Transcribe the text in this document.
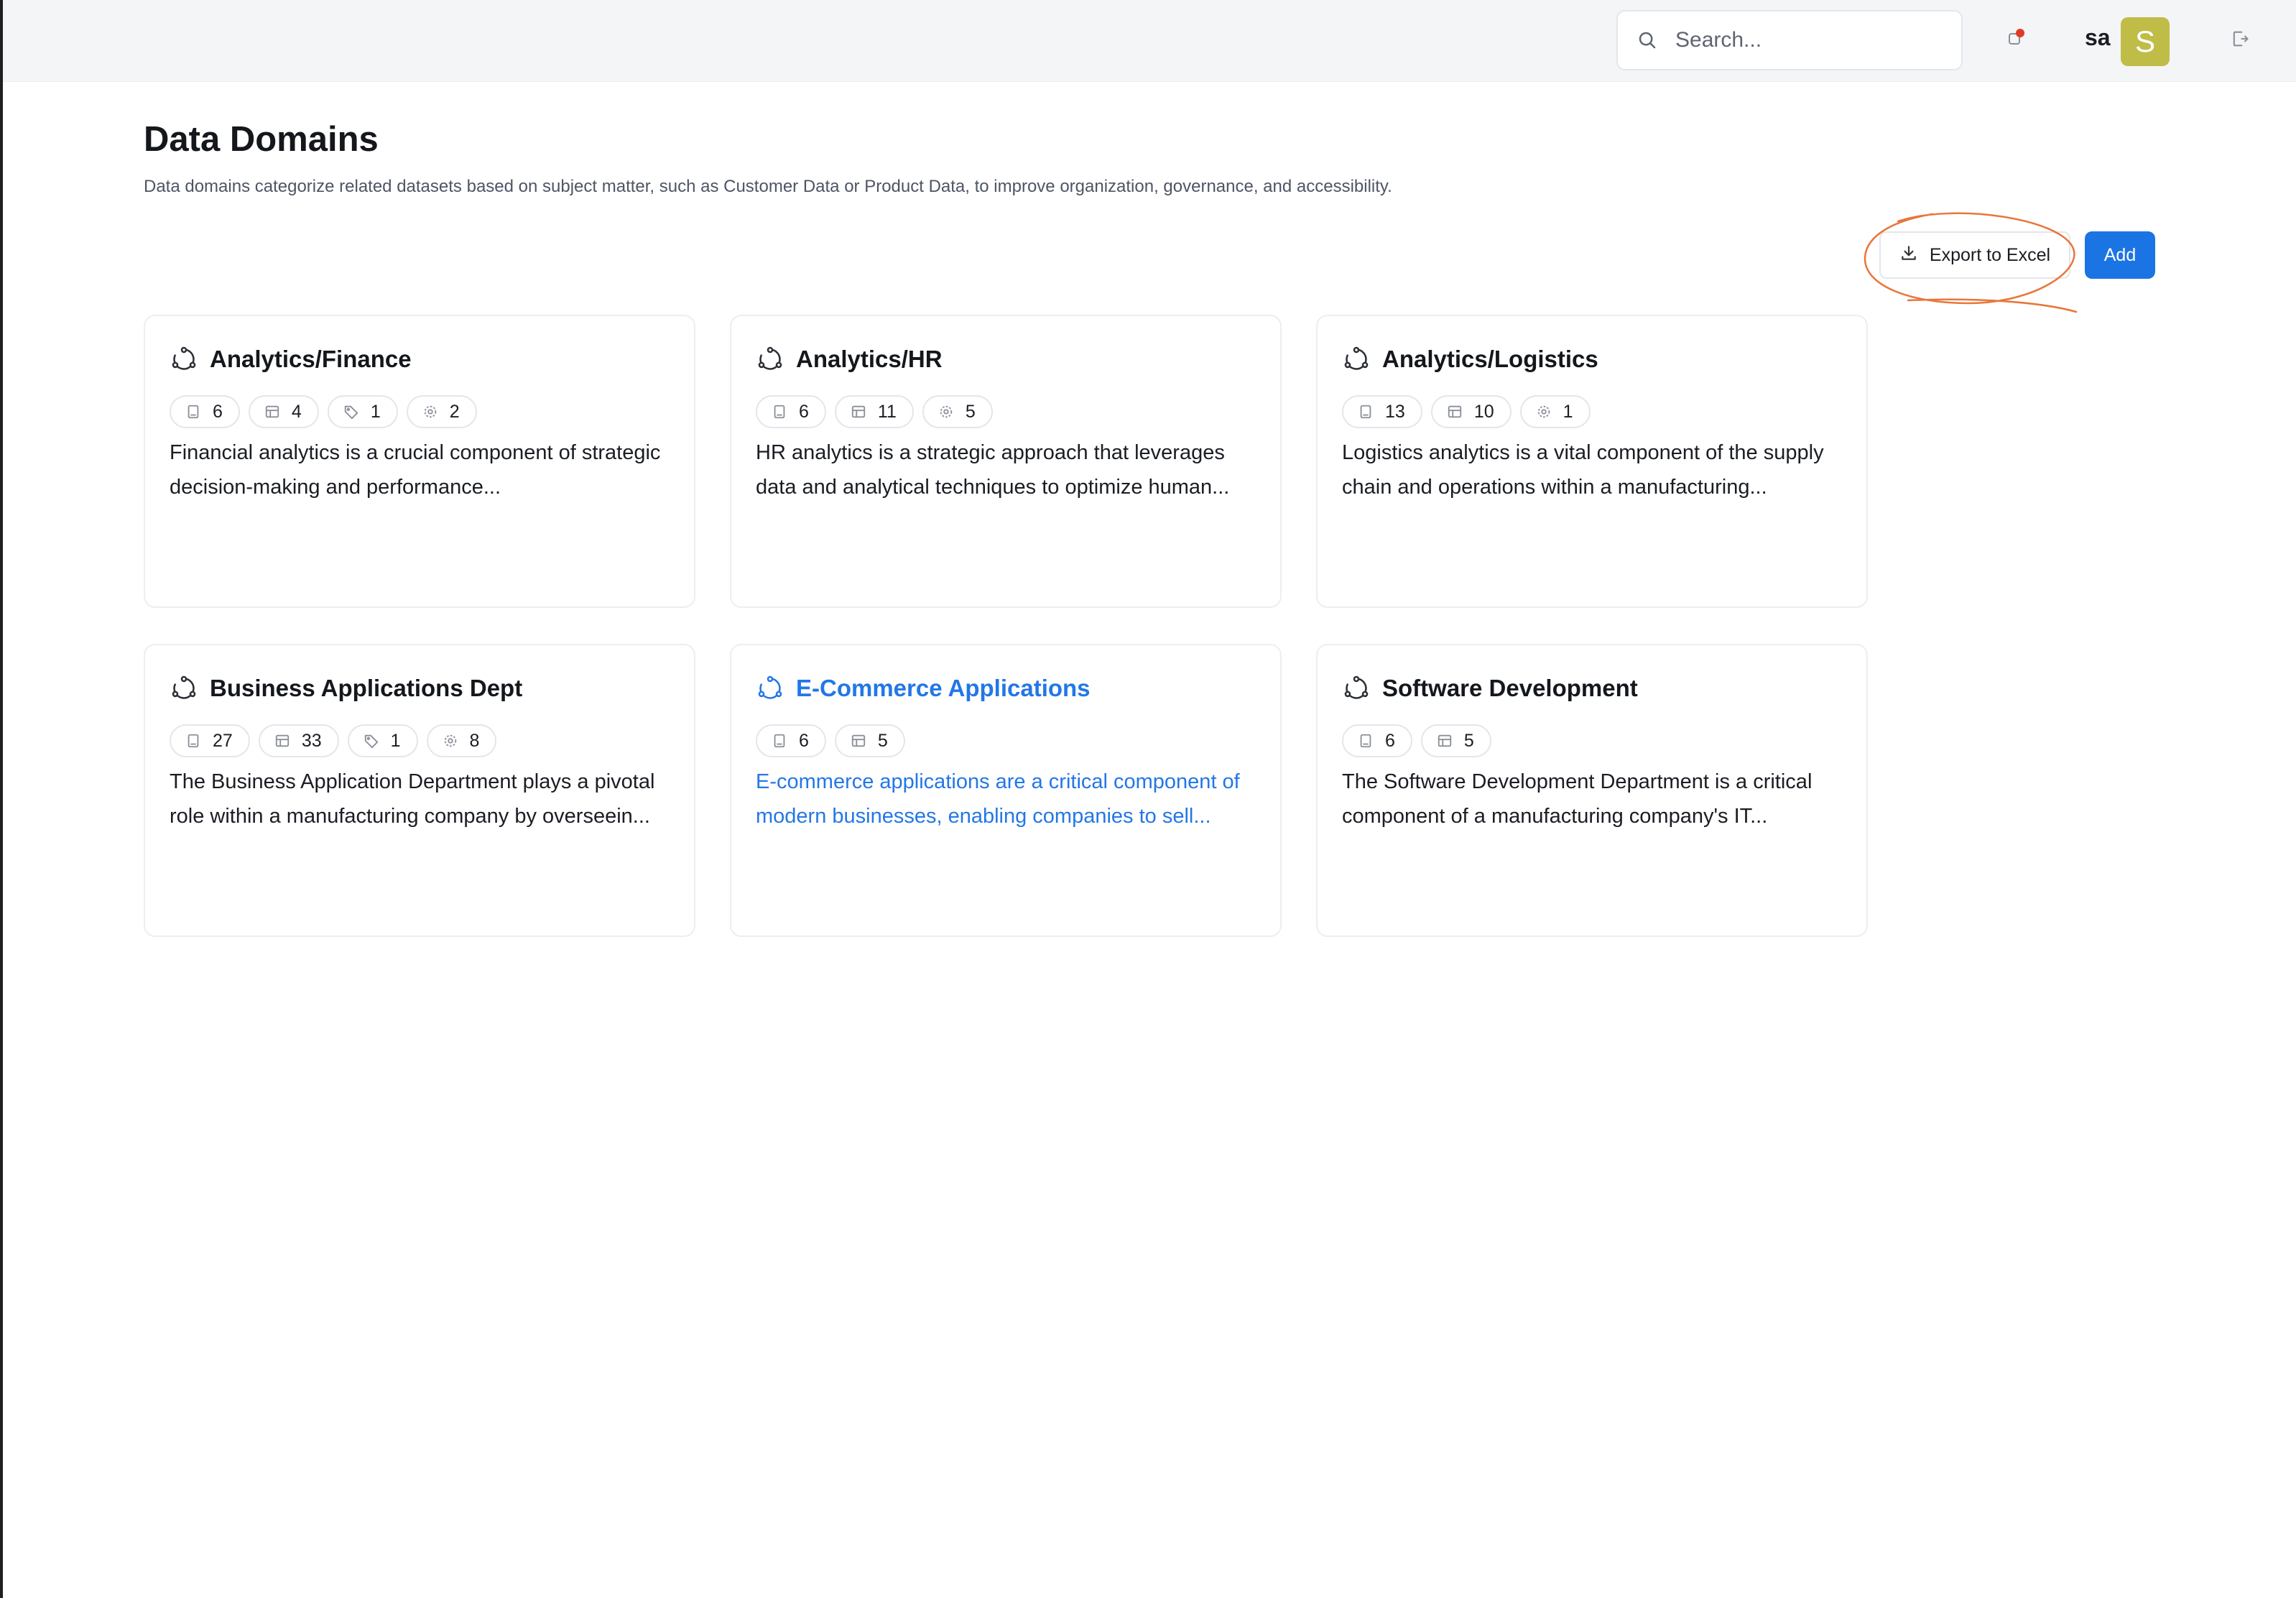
Search...
sa S
Data Domains

Data domains categorize related datasets based on subject matter, such as Customer Data or Product Data, to improve organization, governance, and accessibility.

Export to Excel	Add
Analytics/Finance
6	4	1	2

Financial analytics is a crucial component of strategic decision-making and performance...

Analytics/HR
6	11	5

HR analytics is a strategic approach that leverages data and analytical techniques to optimize human...

Analytics/Logistics
13	10	1

Logistics analytics is a vital component of the supply chain and operations within a manufacturing...

Business Applications Dept
27	33	1	8

The Business Application Department plays a pivotal role within a manufacturing company by overseein...

E-Commerce Applications
6	5

E-commerce applications are a critical component of modern businesses, enabling companies to sell...

Software Development
6	5

The Software Development Department is a critical component of a manufacturing company's IT...
